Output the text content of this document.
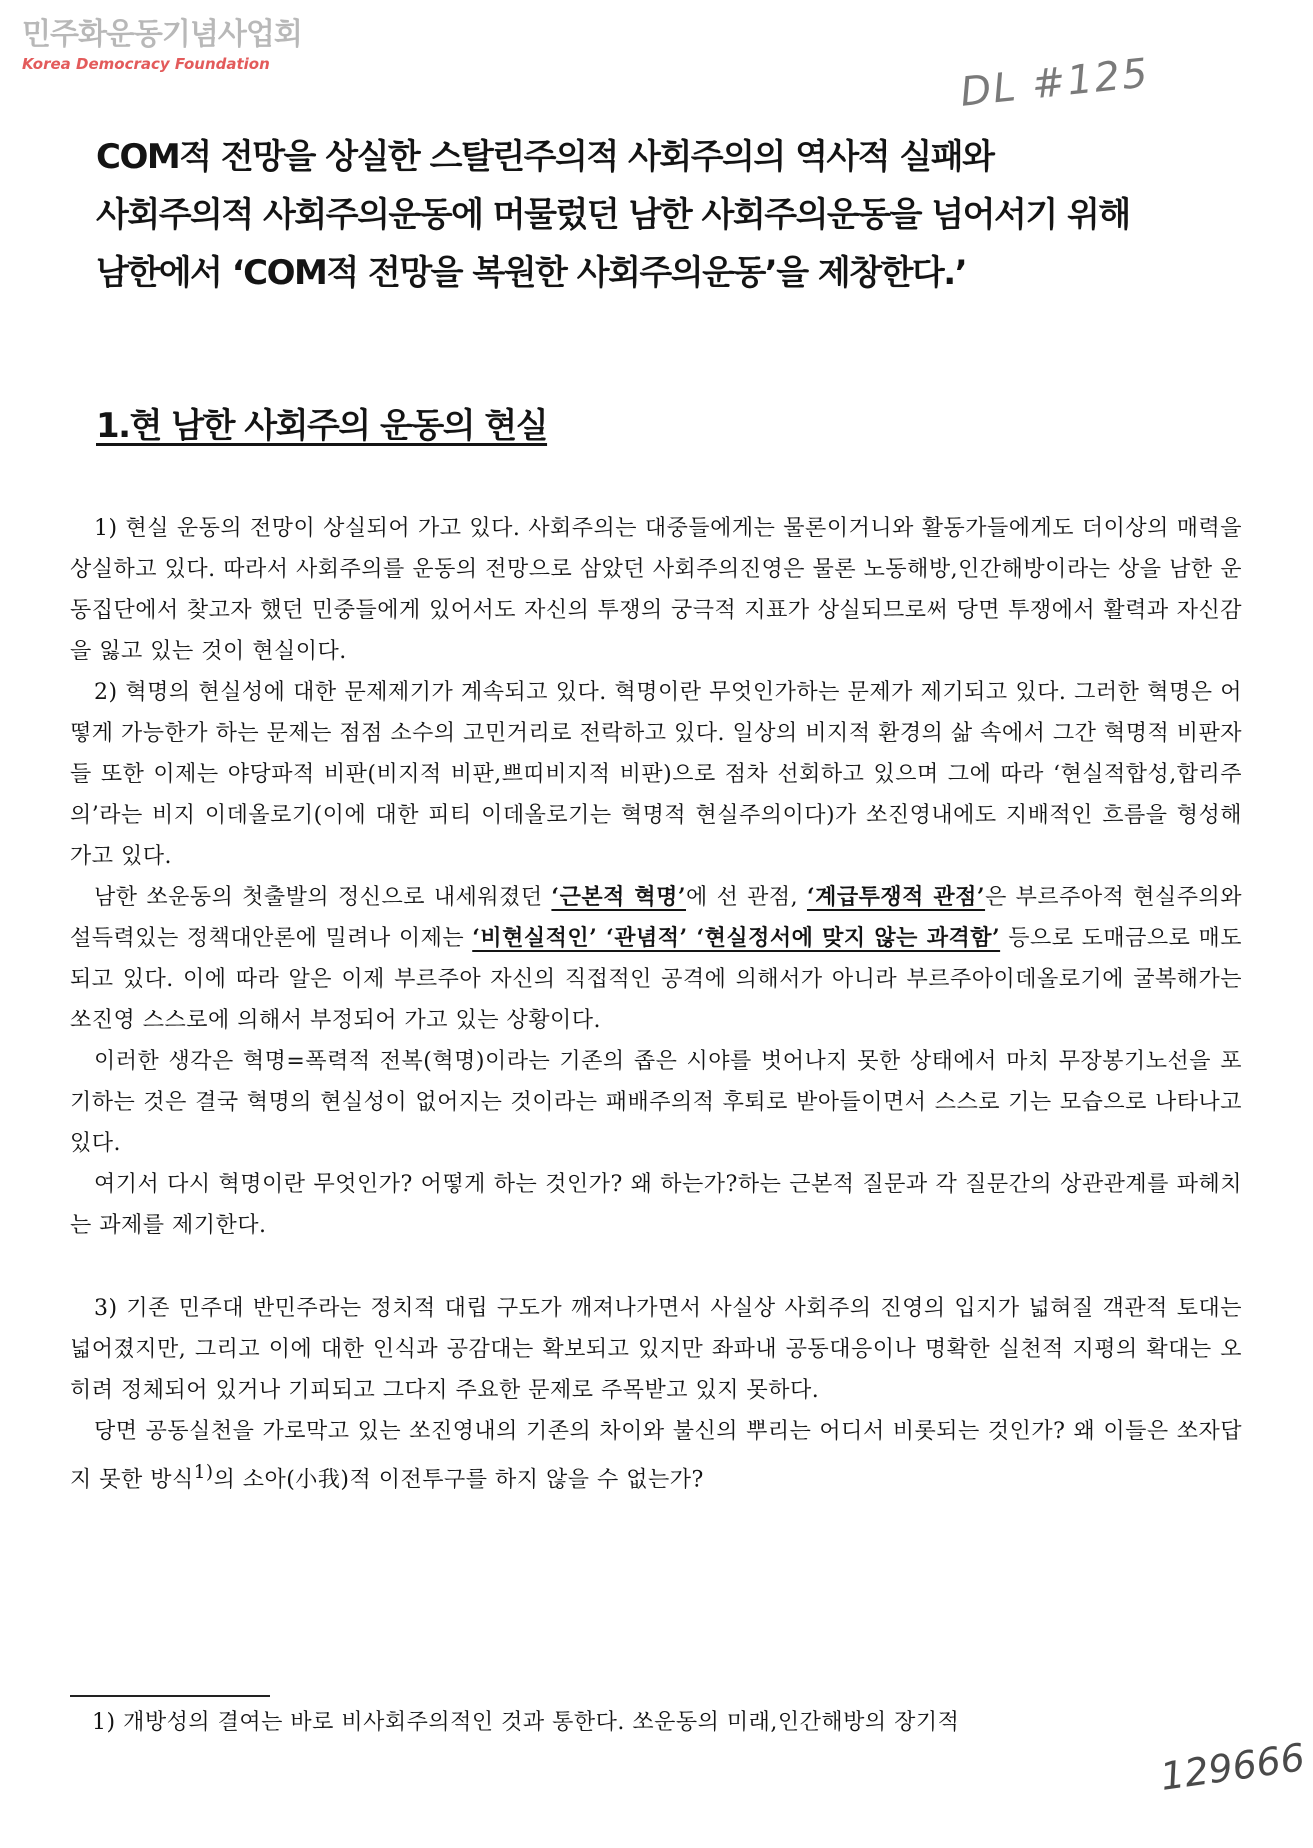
민주화운동기념사업회
Korea Democracy Foundation	DL #125
COM적 전망을 상실한 스탈린주의적 사회주의의 역사적 실패와
사회주의적 사회주의운동에 머물렀던 남한 사회주의운동을 넘어서기 위해
남한에서 ‘COM적 전망을 복원한 사회주의운동’을 제창한다.’
1.현 남한 사회주의 운동의 현실

1) 현실 운동의 전망이 상실되어 가고 있다. 사회주의는 대중들에게는 물론이거니와 활동가들에게도 더이상의 매력을 상실하고 있다. 따라서 사회주의를 운동의 전망으로 삼았던 사회주의진영은 물론 노동해방,인간해방이라는 상을 남한 운동집단에서 찾고자 했던 민중들에게 있어서도 자신의 투쟁의 궁극적 지표가 상실되므로써 당면 투쟁에서 활력과 자신감을 잃고 있는 것이 현실이다.

2) 혁명의 현실성에 대한 문제제기가 계속되고 있다. 혁명이란 무엇인가하는 문제가 제기되고 있다. 그러한 혁명은 어떻게 가능한가 하는 문제는 점점 소수의 고민거리로 전락하고 있다. 일상의 비지적 환경의 삶 속에서 그간 혁명적 비판자들 또한 이제는 야당파적 비판(비지적 비판,쁘띠비지적 비판)으로 점차 선회하고 있으며 그에 따라 ‘현실적합성,합리주의’라는 비지 이데올로기(이에 대한 피티 이데올로기는 혁명적 현실주의이다)가 쏘진영내에도 지배적인 흐름을 형성해가고 있다.

남한 쏘운동의 첫출발의 정신으로 내세워졌던 ‘근본적 혁명’에 선 관점, ‘계급투쟁적 관점’은 부르주아적 현실주의와 설득력있는 정책대안론에 밀려나 이제는 ‘비현실적인’ ‘관념적’ ‘현실정서에 맞지 않는 과격함’ 등으로 도매금으로 매도되고 있다. 이에 따라 알은 이제 부르주아 자신의 직접적인 공격에 의해서가 아니라 부르주아이데올로기에 굴복해가는 쏘진영 스스로에 의해서 부정되어 가고 있는 상황이다.

이러한 생각은 혁명=폭력적 전복(혁명)이라는 기존의 좁은 시야를 벗어나지 못한 상태에서 마치 무장봉기노선을 포기하는 것은 결국 혁명의 현실성이 없어지는 것이라는 패배주의적 후퇴로 받아들이면서 스스로 기는 모습으로 나타나고 있다.

여기서 다시 혁명이란 무엇인가? 어떻게 하는 것인가? 왜 하는가?하는 근본적 질문과 각 질문간의 상관관계를 파헤치는 과제를 제기한다.

3) 기존 민주대 반민주라는 정치적 대립 구도가 깨져나가면서 사실상 사회주의 진영의 입지가 넓혀질 객관적 토대는 넓어졌지만, 그리고 이에 대한 인식과 공감대는 확보되고 있지만 좌파내 공동대응이나 명확한 실천적 지평의 확대는 오히려 정체되어 있거나 기피되고 그다지 주요한 문제로 주목받고 있지 못하다.

당면 공동실천을 가로막고 있는 쏘진영내의 기존의 차이와 불신의 뿌리는 어디서 비롯되는 것인가? 왜 이들은 쏘자답지 못한 방식$^{1)}$의 소아(小我)적 이전투구를 하지 않을 수 없는가?

1) 개방성의 결여는 바로 비사회주의적인 것과 통한다. 쏘운동의 미래,인간해방의 장기적
129666
